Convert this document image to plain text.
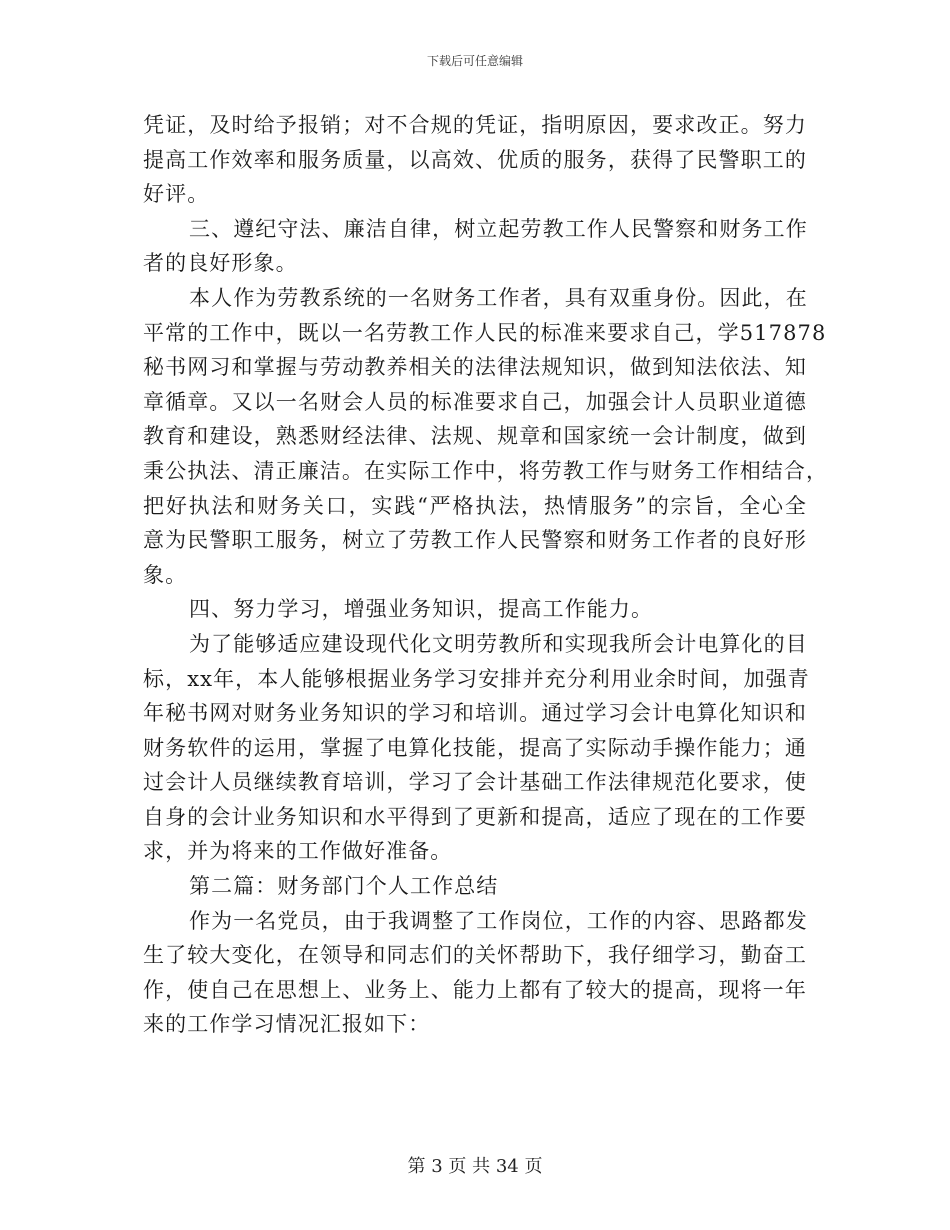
下载后可任意编辑
凭证，及时给予报销；对不合规的凭证，指明原因，要求改正。努力
提高工作效率和服务质量，以高效、优质的服务，获得了民警职工的
好评。
三、遵纪守法、廉洁自律，树立起劳教工作人民警察和财务工作
者的良好形象。
本人作为劳教系统的一名财务工作者，具有双重身份。因此，在
平常的工作中，既以一名劳教工作人民的标准来要求自己，学517878
秘书网习和掌握与劳动教养相关的法律法规知识，做到知法依法、知
章循章。又以一名财会人员的标准要求自己，加强会计人员职业道德
教育和建设，熟悉财经法律、法规、规章和国家统一会计制度，做到
秉公执法、清正廉洁。在实际工作中，将劳教工作与财务工作相结合，
把好执法和财务关口，实践“严格执法，热情服务”的宗旨，全心全
意为民警职工服务，树立了劳教工作人民警察和财务工作者的良好形
象。
四、努力学习，增强业务知识，提高工作能力。
为了能够适应建设现代化文明劳教所和实现我所会计电算化的目
标，xx年，本人能够根据业务学习安排并充分利用业余时间，加强青
年秘书网对财务业务知识的学习和培训。通过学习会计电算化知识和
财务软件的运用，掌握了电算化技能，提高了实际动手操作能力；通
过会计人员继续教育培训，学习了会计基础工作法律规范化要求，使
自身的会计业务知识和水平得到了更新和提高，适应了现在的工作要
求，并为将来的工作做好准备。
第二篇：财务部门个人工作总结
作为一名党员，由于我调整了工作岗位，工作的内容、思路都发
生了较大变化，在领导和同志们的关怀帮助下，我仔细学习，勤奋工
作，使自己在思想上、业务上、能力上都有了较大的提高，现将一年
来的工作学习情况汇报如下：
第 3 页 共 34 页
